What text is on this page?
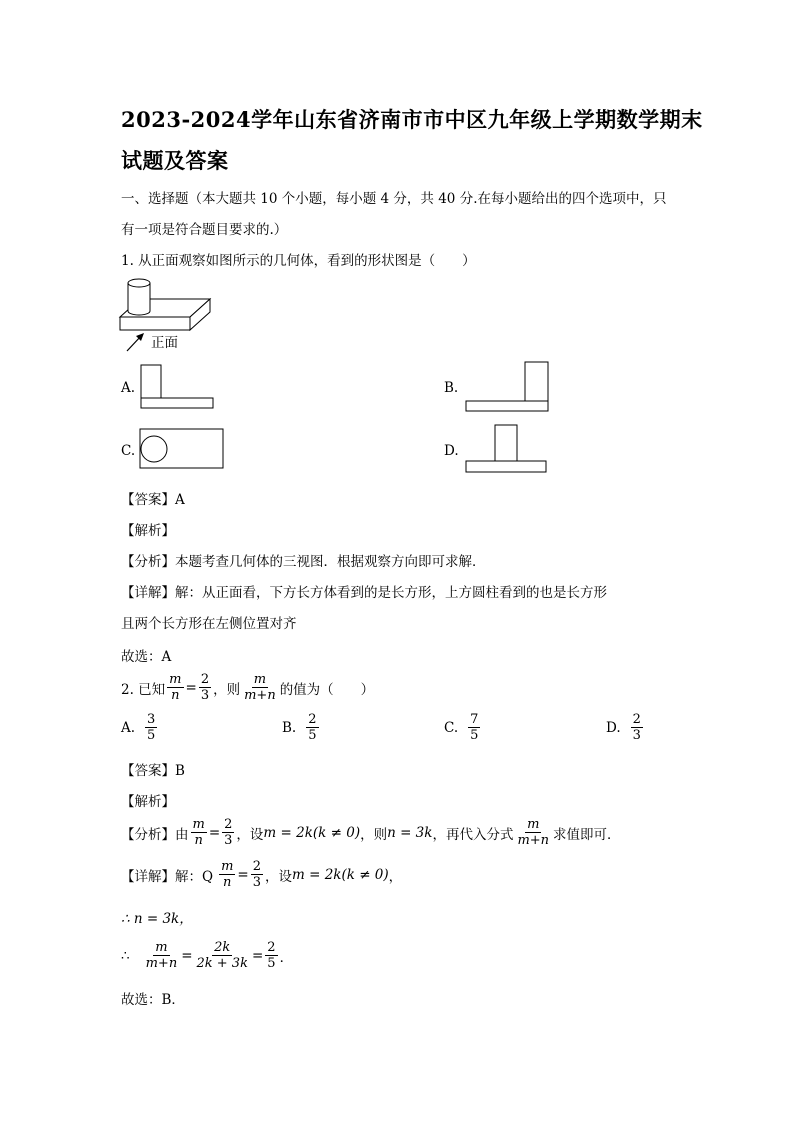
2023-2024学年山东省济南市市中区九年级上学期数学期末
试题及答案
一、选择题（本大题共 10 个小题，每小题 4 分，共 40 分.在每小题给出的四个选项中，只
有一项是符合题目要求的.）
1. 从正面观察如图所示的几何体，看到的形状图是（　　）
正面
A.	B.
C.	D.
【答案】A
【解析】
【分析】本题考查几何体的三视图．根据观察方向即可求解．
【详解】解：从正面看，下方长方体看到的是长方形，上方圆柱看到的也是长方形
且两个长方形在左侧位置对齐
故选：A
2. 已知 $\frac{m}{n} = \frac{2}{3}$ ，则 $\frac{m}{m+n}$ 的值为（　　）
A. $\frac{3}{5}$	B. $\frac{2}{5}$	C. $\frac{7}{5}$	D. $\frac{2}{3}$
【答案】B
【解析】
【分析】由 $\frac{m}{n} = \frac{2}{3}$ ，设 m = 2k(k ≠ 0) ，则 n = 3k ，再代入分式 $\frac{m}{m+n}$ 求值即可．
【详解】解：Q $\frac{m}{n} = \frac{2}{3}$ ，设 m = 2k(k ≠ 0) ，
∴ n = 3k，
∴ $\frac{m}{m+n} = \frac{2k}{2k + 3k} = \frac{2}{5}$ ．
故选：B．
